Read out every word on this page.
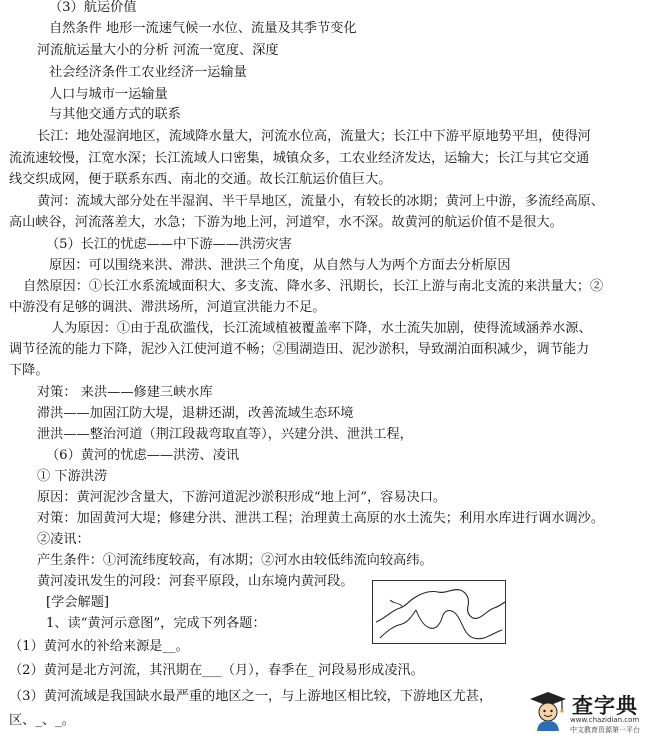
（3）航运价值
自然条件 地形一流速气候一水位、流量及其季节变化
河流航运量大小的分析 河流一宽度、深度
社会经济条件工农业经济一运输量
人口与城市一运输量
与其他交通方式的联系
长江：地处湿润地区，流域降水量大，河流水位高，流量大；长江中下游平原地势平坦，使得河
流流速较慢，江宽水深；长江流域人口密集，城镇众多，工农业经济发达，运输大；长江与其它交通
线交织成网，便于联系东西、南北的交通。故长江航运价值巨大。
黄河：流域大部分处在半湿润、半干旱地区，流量小，有较长的冰期；黄河上中游，多流经高原、
高山峡谷，河流落差大，水急；下游为地上河，河道窄，水不深。故黄河的航运价值不是很大。
（5）长江的忧虑——中下游——洪涝灾害
原因：可以围绕来洪、滞洪、泄洪三个角度，从自然与人为两个方面去分析原因
自然原因：①长江水系流域面积大、多支流、降水多、汛期长，长江上游与南北支流的来洪量大；②
中游没有足够的调洪、滞洪场所，河道宣洪能力不足。
人为原因：①由于乱砍滥伐，长江流域植被覆盖率下降，水土流失加剧，使得流域涵养水源、
调节径流的能力下降，泥沙入江使河道不畅；②围湖造田、泥沙淤积，导致湖泊面积减少，调节能力
下降。
对策： 来洪——修建三峡水库
滞洪——加固江防大堤，退耕还湖，改善流域生态环境
泄洪——整治河道（荆江段裁弯取直等），兴建分洪、泄洪工程，
（6）黄河的忧虑——洪涝、凌讯
① 下游洪涝
原因：黄河泥沙含量大，下游河道泥沙淤积形成“地上河”，容易决口。
对策：加固黄河大堤；修建分洪、泄洪工程；治理黄土高原的水土流失；利用水库进行调水调沙。
②凌讯：
产生条件：①河流纬度较高，有冰期；②河水由较低纬流向较高纬。
黄河凌讯发生的河段：河套平原段，山东境内黄河段。
[学会解题]
1、读“黄河示意图”，完成下列各题：
（1）黄河水的补给来源是__。
（2）黄河是北方河流，其汛期在___（月），春季在_ 河段易形成凌汛。
（3）黄河流域是我国缺水最严重的地区之一，与上游地区相比较，下游地区尤甚，
区、_、_。
查字典
www.chazidian.com
中文教育资源第一平台
